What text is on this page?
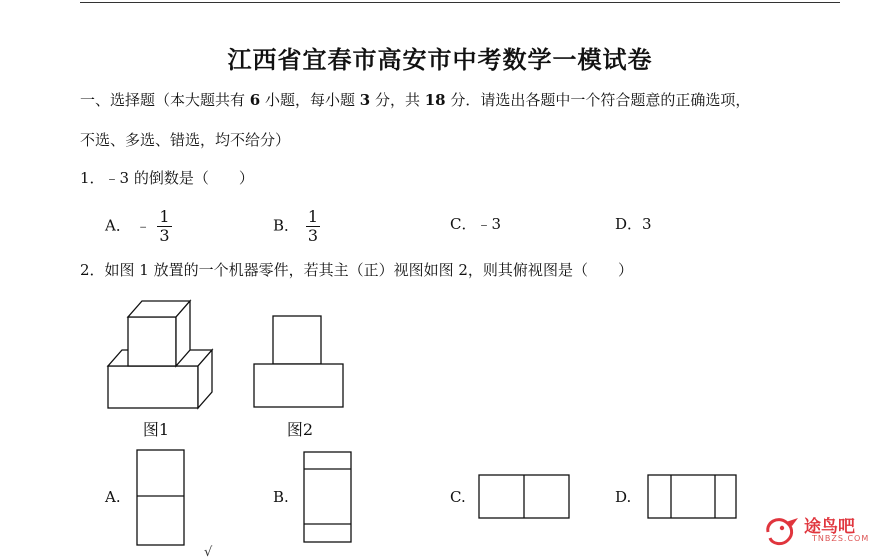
江西省宜春市高安市中考数学一模试卷
一、选择题（本大题共有 6 小题，每小题 3 分，共 18 分．请选出各题中一个符合题意的正确选项，
不选、多选、错选，均不给分）
1．﹣3 的倒数是（　　）
A． ﹣ $\frac{1}{3}$	B． $\frac{1}{3}$	C．﹣3	D．3
2．如图 1 放置的一个机器零件，若其主（正）视图如图 2，则其俯视图是（　　）
图1	图2
A.	B.	C.	D.
√
途鸟吧
TNBZS.COM
